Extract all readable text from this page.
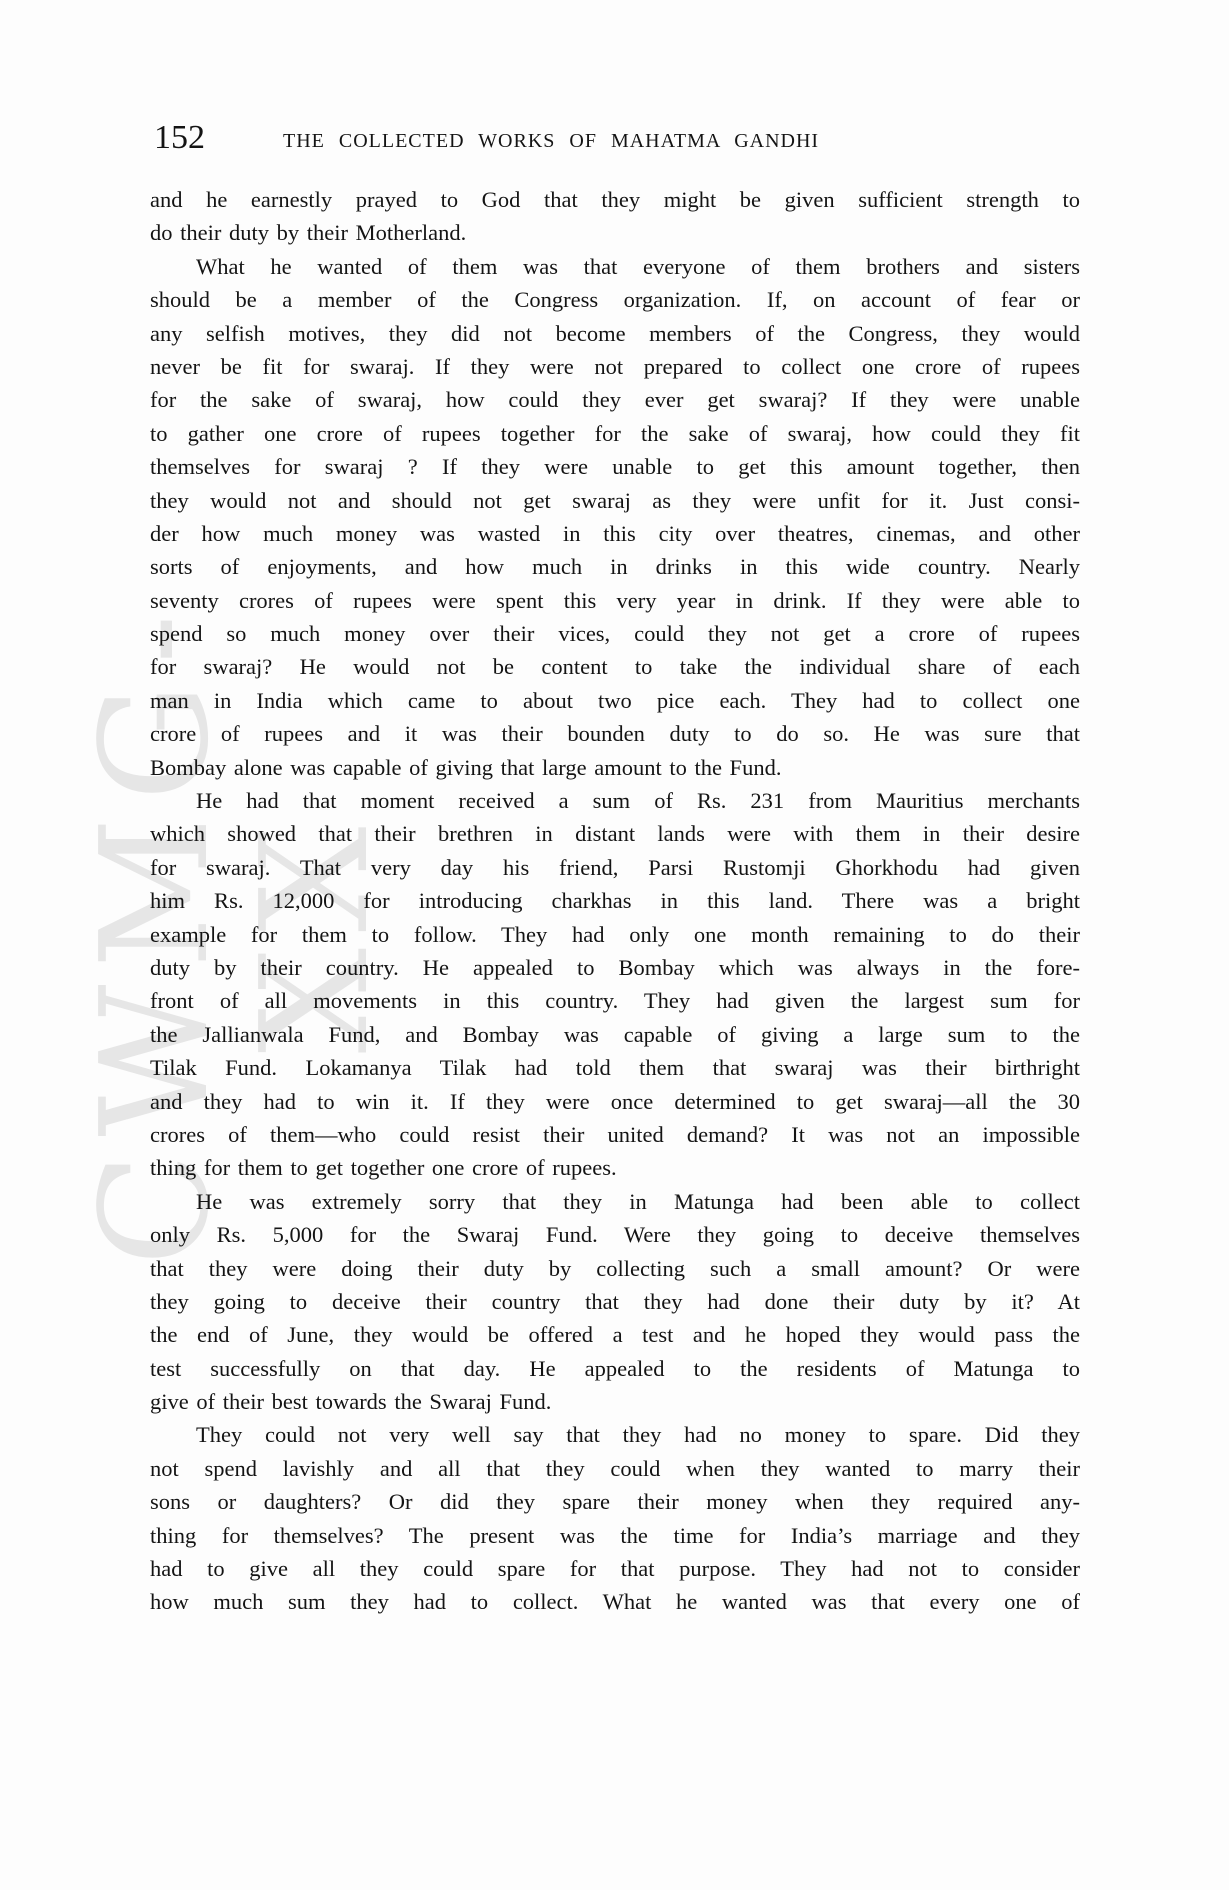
CWMG-XX
152	THE COLLECTED WORKS OF MAHATMA GANDHI
and he earnestly prayed to God that they might be given sufficient strength to
do their duty by their Motherland.
What he wanted of them was that everyone of them brothers and sisters
should be a member of the Congress organization. If, on account of fear or
any selfish motives, they did not become members of the Congress, they would
never be fit for swaraj. If they were not prepared to collect one crore of rupees
for the sake of swaraj, how could they ever get swaraj? If they were unable
to gather one crore of rupees together for the sake of swaraj, how could they fit
themselves for swaraj ? If they were unable to get this amount together, then
they would not and should not get swaraj as they were unfit for it. Just consi-
der how much money was wasted in this city over theatres, cinemas, and other
sorts of enjoyments, and how much in drinks in this wide country. Nearly
seventy crores of rupees were spent this very year in drink. If they were able to
spend so much money over their vices, could they not get a crore of rupees
for swaraj? He would not be content to take the individual share of each
man in India which came to about two pice each. They had to collect one
crore of rupees and it was their bounden duty to do so. He was sure that
Bombay alone was capable of giving that large amount to the Fund.
He had that moment received a sum of Rs. 231 from Mauritius merchants
which showed that their brethren in distant lands were with them in their desire
for swaraj. That very day his friend, Parsi Rustomji Ghorkhodu had given
him Rs. 12,000 for introducing charkhas in this land. There was a bright
example for them to follow. They had only one month remaining to do their
duty by their country. He appealed to Bombay which was always in the fore-
front of all movements in this country. They had given the largest sum for
the Jallianwala Fund, and Bombay was capable of giving a large sum to the
Tilak Fund. Lokamanya Tilak had told them that swaraj was their birthright
and they had to win it. If they were once determined to get swaraj—all the 30
crores of them—who could resist their united demand? It was not an impossible
thing for them to get together one crore of rupees.
He was extremely sorry that they in Matunga had been able to collect
only Rs. 5,000 for the Swaraj Fund. Were they going to deceive themselves
that they were doing their duty by collecting such a small amount? Or were
they going to deceive their country that they had done their duty by it? At
the end of June, they would be offered a test and he hoped they would pass the
test successfully on that day. He appealed to the residents of Matunga to
give of their best towards the Swaraj Fund.
They could not very well say that they had no money to spare. Did they
not spend lavishly and all that they could when they wanted to marry their
sons or daughters? Or did they spare their money when they required any-
thing for themselves? The present was the time for India’s marriage and they
had to give all they could spare for that purpose. They had not to consider
how much sum they had to collect. What he wanted was that every one of
